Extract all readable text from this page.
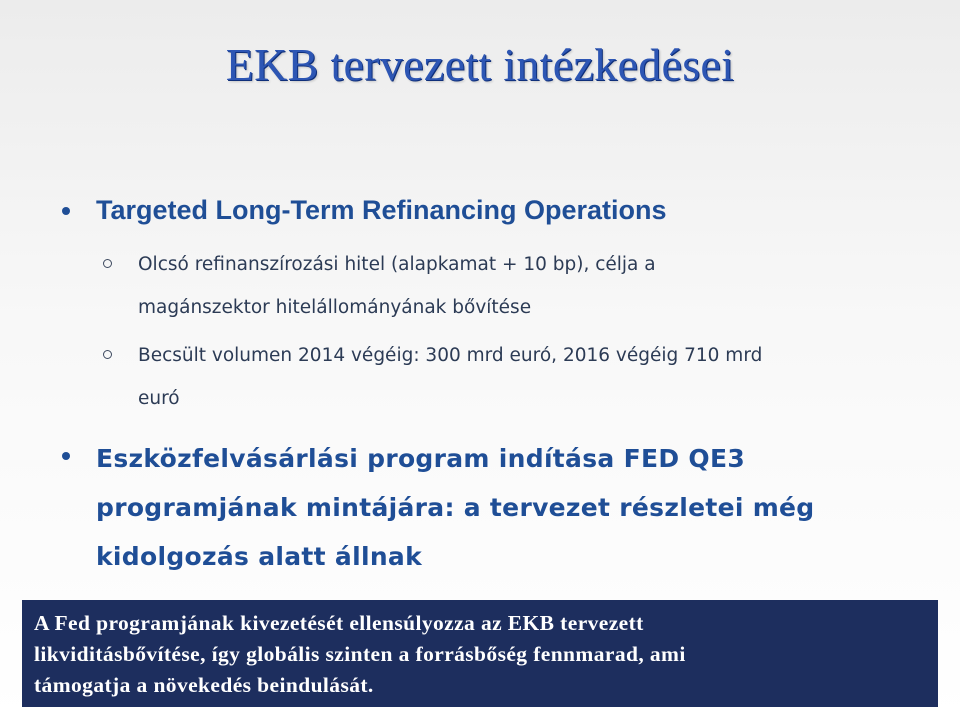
EKB tervezett intézkedései
Targeted Long-Term Refinancing Operations
Olcsó refinanszírozási hitel (alapkamat + 10 bp), célja a
magánszektor hitelállományának bővítése
Becsült volumen 2014 végéig: 300 mrd euró, 2016 végéig 710 mrd
euró
Eszközfelvásárlási program indítása FED QE3
programjának mintájára: a tervezet részletei még
kidolgozás alatt állnak
A Fed programjának kivezetését ellensúlyozza az EKB tervezett
likviditásbővítése, így globális szinten a forrásbőség fennmarad, ami
támogatja a növekedés beindulását.
